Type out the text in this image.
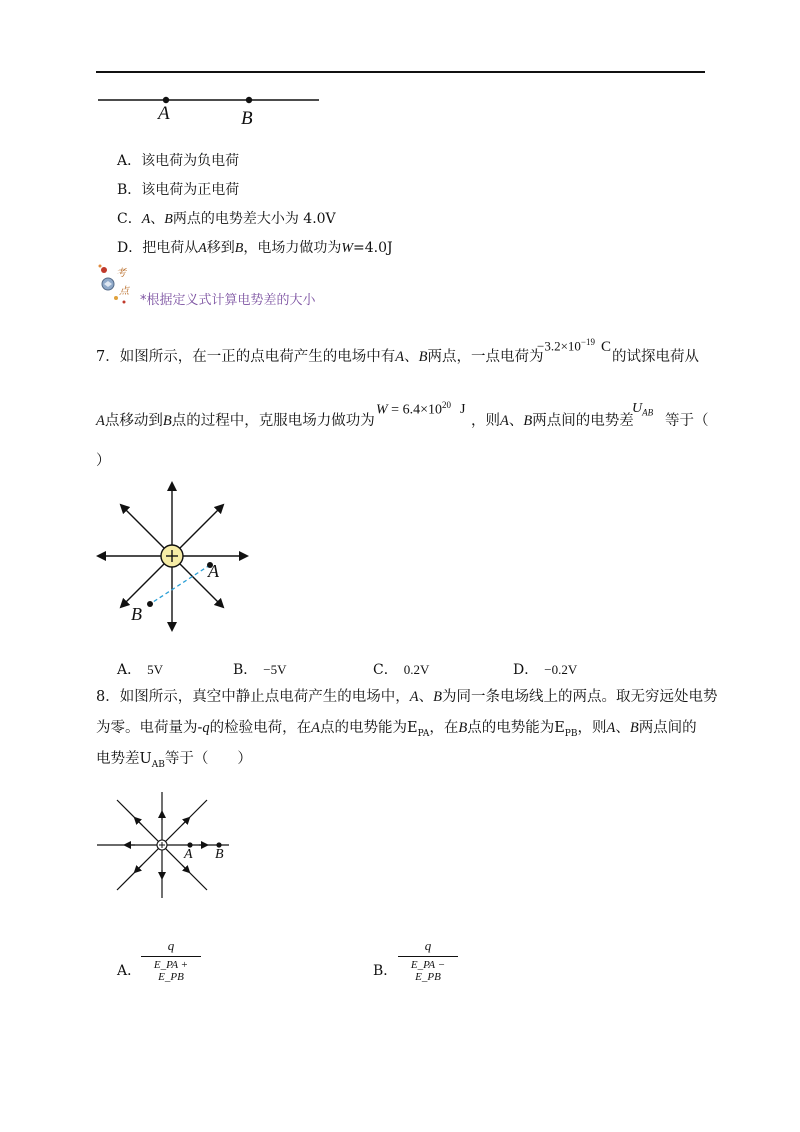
A	B
A．该电荷为负电荷
B．该电荷为正电荷
C．A、B两点的电势差大小为 4.0V
D．把电荷从A移到B，电场力做功为W=4.0J
考
点
*根据定义式计算电势差的大小
7．如图所示，在一正的点电荷产生的电场中有A、B两点，一点电荷为
$-3.2\times 10^{-19}$ C
的试探电荷从
A点移动到B点的过程中，克服电场力做功为
$W = 6.4\times 10^{20}$ J
，则A、B两点间的电势差
$U_{AB}$
等于（
）
A
B
A． 5V	B． −5V	C． 0.2V	D． −0.2V
8．如图所示，真空中静止点电荷产生的电场中，A、B为同一条电场线上的两点。取无穷远处电势
为零。电荷量为-q的检验电荷，在A点的电势能为$E_{PA}$，在B点的电势能为$E_{PB}$，则A、B两点间的
电势差$U_{AB}$等于（　　）
A B
A．
q
E_PA + E_PB	B．
q
E_PA − E_PB
